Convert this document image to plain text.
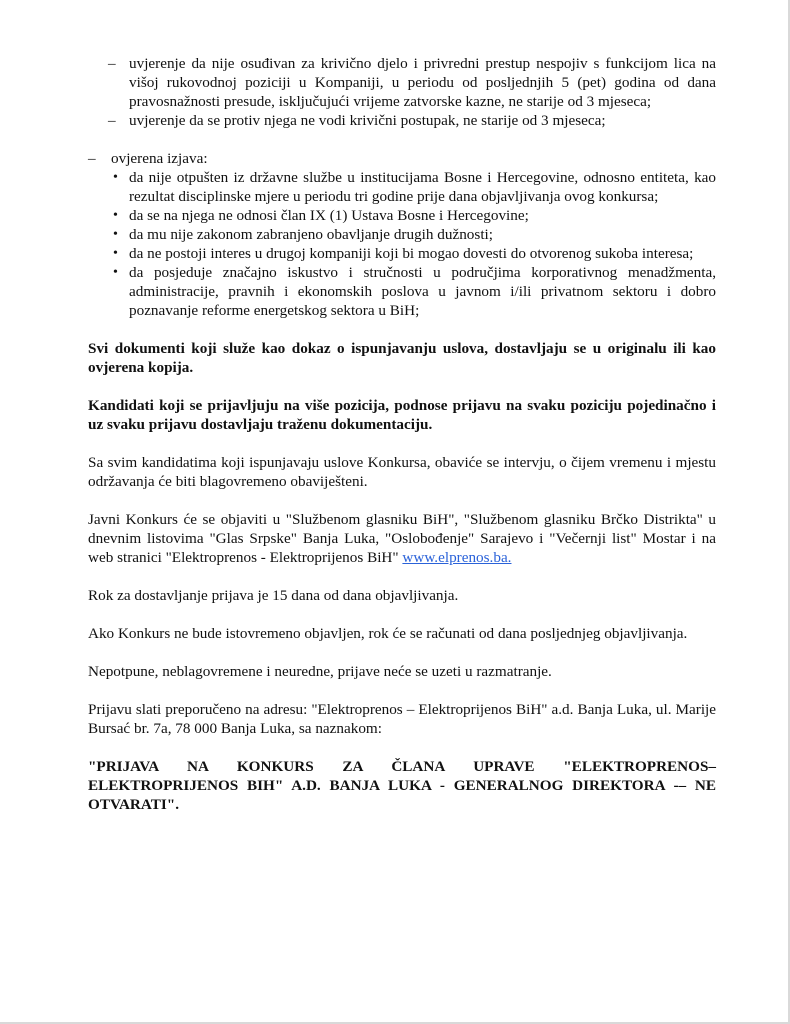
– uvjerenje da nije osuđivan za krivično djelo i privredni prestup nespojiv s funkcijom lica na višoj rukovodnoj poziciji u Kompaniji, u periodu od posljednjih 5 (pet) godina od dana pravosnažnosti presude, isključujući vrijeme zatvorske kazne, ne starije od 3 mjeseca;
– uvjerenje da se protiv njega ne vodi krivični postupak, ne starije od 3 mjeseca;
– ovjerena izjava:
• da nije otpušten iz državne službe u institucijama Bosne i Hercegovine, odnosno entiteta, kao rezultat disciplinske mjere u periodu tri godine prije dana objavljivanja ovog konkursa;
• da se na njega ne odnosi član IX (1) Ustava Bosne i Hercegovine;
• da mu nije zakonom zabranjeno obavljanje drugih dužnosti;
• da ne postoji interes u drugoj kompaniji koji bi mogao dovesti do otvorenog sukoba interesa;
• da posjeduje značajno iskustvo i stručnosti u područjima korporativnog menadžmenta, administracije, pravnih i ekonomskih poslova u javnom i/ili privatnom sektoru i dobro poznavanje reforme energetskog sektora u BiH;

Svi dokumenti koji služe kao dokaz o ispunjavanju uslova, dostavljaju se u originalu ili kao ovjerena kopija.

Kandidati koji se prijavljuju na više pozicija, podnose prijavu na svaku poziciju pojedinačno i uz svaku prijavu dostavljaju traženu dokumentaciju.

Sa svim kandidatima koji ispunjavaju uslove Konkursa, obaviće se intervju, o čijem vremenu i mjestu održavanja će biti blagovremeno obaviješteni.

Javni Konkurs će se objaviti u "Službenom glasniku BiH", "Službenom glasniku Brčko Distrikta" u dnevnim listovima "Glas Srpske" Banja Luka, "Oslobođenje" Sarajevo i "Večernji list" Mostar i na web stranici "Elektroprenos - Elektroprijenos BiH" www.elprenos.ba.

Rok za dostavljanje prijava je 15 dana od dana objavljivanja.

Ako Konkurs ne bude istovremeno objavljen, rok će se računati od dana posljednjeg objavljivanja.

Nepotpune, neblagovremene i neuredne, prijave neće se uzeti u razmatranje.

Prijavu slati preporučeno na adresu: "Elektroprenos – Elektroprijenos BiH" a.d. Banja Luka, ul. Marije Bursać br. 7a, 78 000 Banja Luka, sa naznakom:

"PRIJAVA NA KONKURS ZA ČLANA UPRAVE "ELEKTROPRENOS–ELEKTROPRIJENOS BIH" A.D. BANJA LUKA - GENERALNOG DIREKTORA -– NE OTVARATI".
